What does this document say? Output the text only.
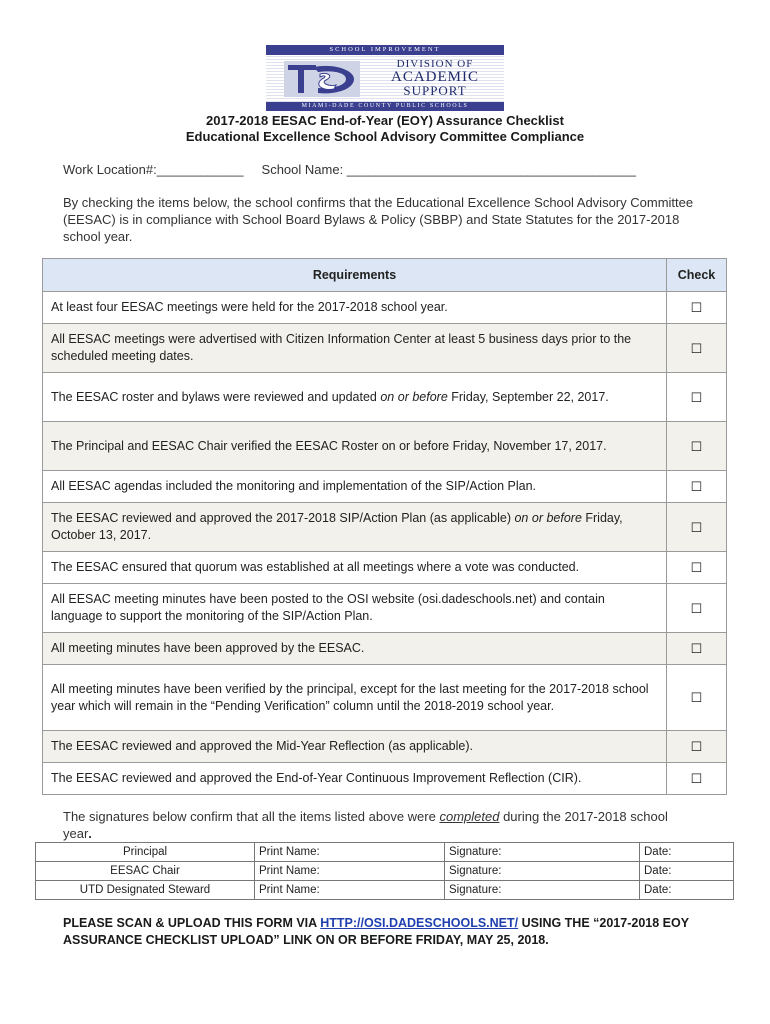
SCHOOL IMPROVEMENT
DIVISION OF
ACADEMIC
SUPPORT
MIAMI-DADE COUNTY PUBLIC SCHOOLS
2017-2018 EESAC End-of-Year (EOY) Assurance Checklist
Educational Excellence School Advisory Committee Compliance
Work Location#:____________ School Name: ________________________________________
By checking the items below, the school confirms that the Educational Excellence School Advisory Committee (EESAC) is in compliance with School Board Bylaws & Policy (SBBP) and State Statutes for the 2017-2018 school year.
Requirements	Check
At least four EESAC meetings were held for the 2017-2018 school year.	☐
All EESAC meetings were advertised with Citizen Information Center at least 5 business days prior to the scheduled meeting dates.	☐
The EESAC roster and bylaws were reviewed and updated on or before Friday, September 22, 2017.	☐
The Principal and EESAC Chair verified the EESAC Roster on or before Friday, November 17, 2017.	☐
All EESAC agendas included the monitoring and implementation of the SIP/Action Plan.	☐
The EESAC reviewed and approved the 2017-2018 SIP/Action Plan (as applicable) on or before Friday, October 13, 2017.	☐
The EESAC ensured that quorum was established at all meetings where a vote was conducted.	☐
All EESAC meeting minutes have been posted to the OSI website (osi.dadeschools.net) and contain language to support the monitoring of the SIP/Action Plan.	☐
All meeting minutes have been approved by the EESAC.	☐
All meeting minutes have been verified by the principal, except for the last meeting for the 2017-2018 school year which will remain in the “Pending Verification” column until the 2018-2019 school year.	☐
The EESAC reviewed and approved the Mid-Year Reflection (as applicable).	☐
The EESAC reviewed and approved the End-of-Year Continuous Improvement Reflection (CIR).	☐
The signatures below confirm that all the items listed above were completed during the 2017-2018 school year.
Principal	Print Name:	Signature:	Date:
EESAC Chair	Print Name:	Signature:	Date:
UTD Designated Steward	Print Name:	Signature:	Date:
PLEASE SCAN & UPLOAD THIS FORM VIA HTTP://OSI.DADESCHOOLS.NET/ USING THE “2017-2018 EOY ASSURANCE CHECKLIST UPLOAD” LINK ON OR BEFORE FRIDAY, MAY 25, 2018.
